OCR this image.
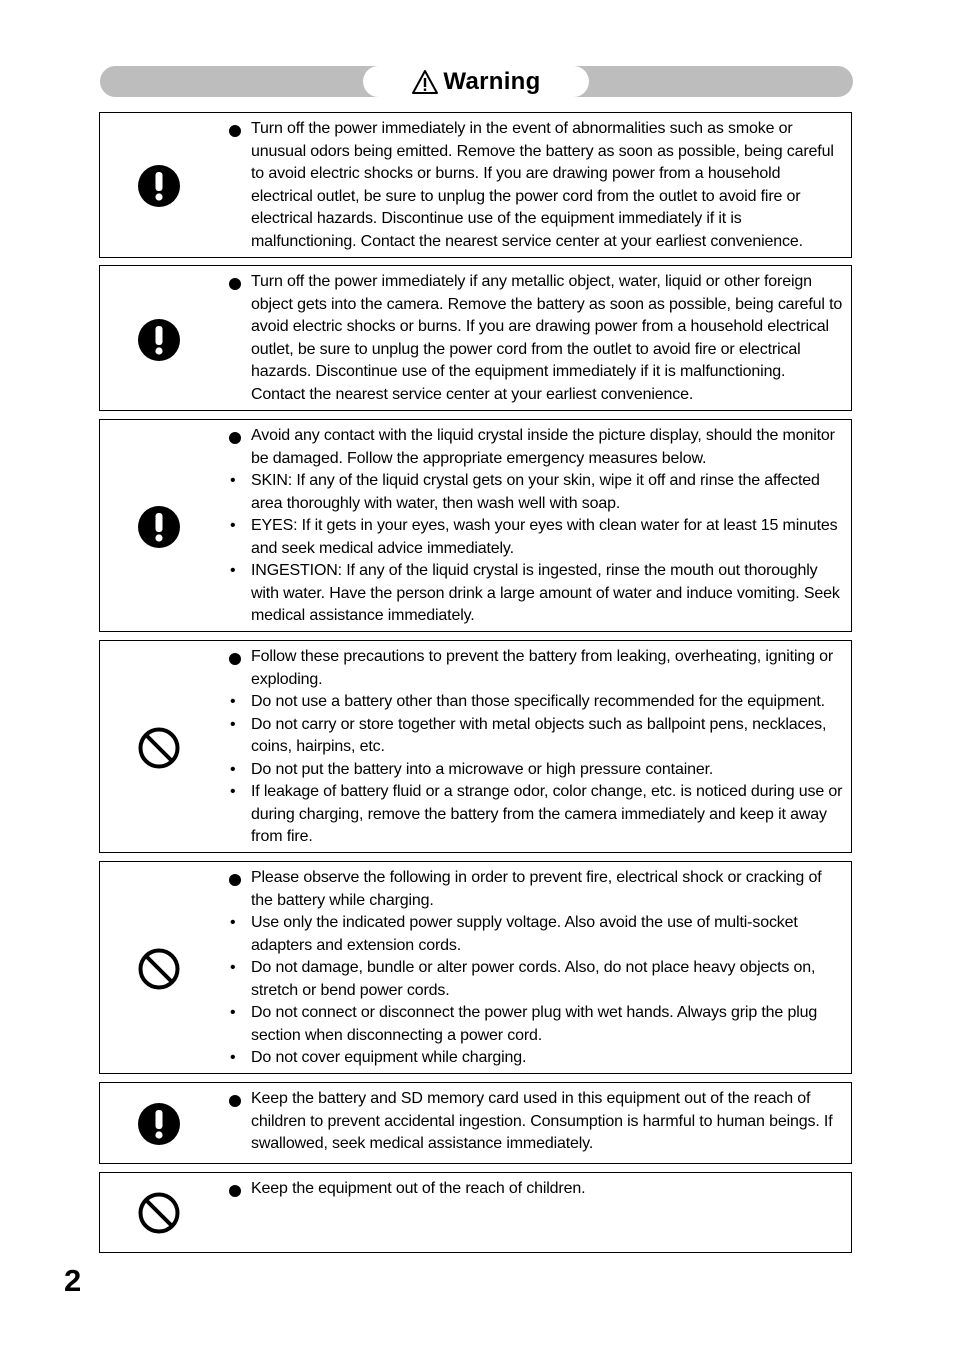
Warning
Turn off the power immediately in the event of abnormalities such as smoke or unusual odors being emitted. Remove the battery as soon as possible, being careful to avoid electric shocks or burns. If you are drawing power from a household electrical outlet, be sure to unplug the power cord from the outlet to avoid fire or electrical hazards. Discontinue use of the equipment immediately if it is malfunctioning. Contact the nearest service center at your earliest convenience.
Turn off the power immediately if any metallic object, water, liquid or other foreign object gets into the camera. Remove the battery as soon as possible, being careful to avoid electric shocks or burns. If you are drawing power from a household electrical outlet, be sure to unplug the power cord from the outlet to avoid fire or electrical hazards. Discontinue use of the equipment immediately if it is malfunctioning. Contact the nearest service center at your earliest convenience.
Avoid any contact with the liquid crystal inside the picture display, should the monitor be damaged. Follow the appropriate emergency measures below.
• SKIN: If any of the liquid crystal gets on your skin, wipe it off and rinse the affected area thoroughly with water, then wash well with soap.
• EYES: If it gets in your eyes, wash your eyes with clean water for at least 15 minutes and seek medical advice immediately.
• INGESTION: If any of the liquid crystal is ingested, rinse the mouth out thoroughly with water. Have the person drink a large amount of water and induce vomiting. Seek medical assistance immediately.
Follow these precautions to prevent the battery from leaking, overheating, igniting or exploding.
• Do not use a battery other than those specifically recommended for the equipment.
• Do not carry or store together with metal objects such as ballpoint pens, necklaces, coins, hairpins, etc.
• Do not put the battery into a microwave or high pressure container.
• If leakage of battery fluid or a strange odor, color change, etc. is noticed during use or during charging, remove the battery from the camera immediately and keep it away from fire.
Please observe the following in order to prevent fire, electrical shock or cracking of the battery while charging.
• Use only the indicated power supply voltage. Also avoid the use of multi-socket adapters and extension cords.
• Do not damage, bundle or alter power cords. Also, do not place heavy objects on, stretch or bend power cords.
• Do not connect or disconnect the power plug with wet hands. Always grip the plug section when disconnecting a power cord.
• Do not cover equipment while charging.
Keep the battery and SD memory card used in this equipment out of the reach of children to prevent accidental ingestion. Consumption is harmful to human beings. If swallowed, seek medical assistance immediately.
Keep the equipment out of the reach of children.
2
